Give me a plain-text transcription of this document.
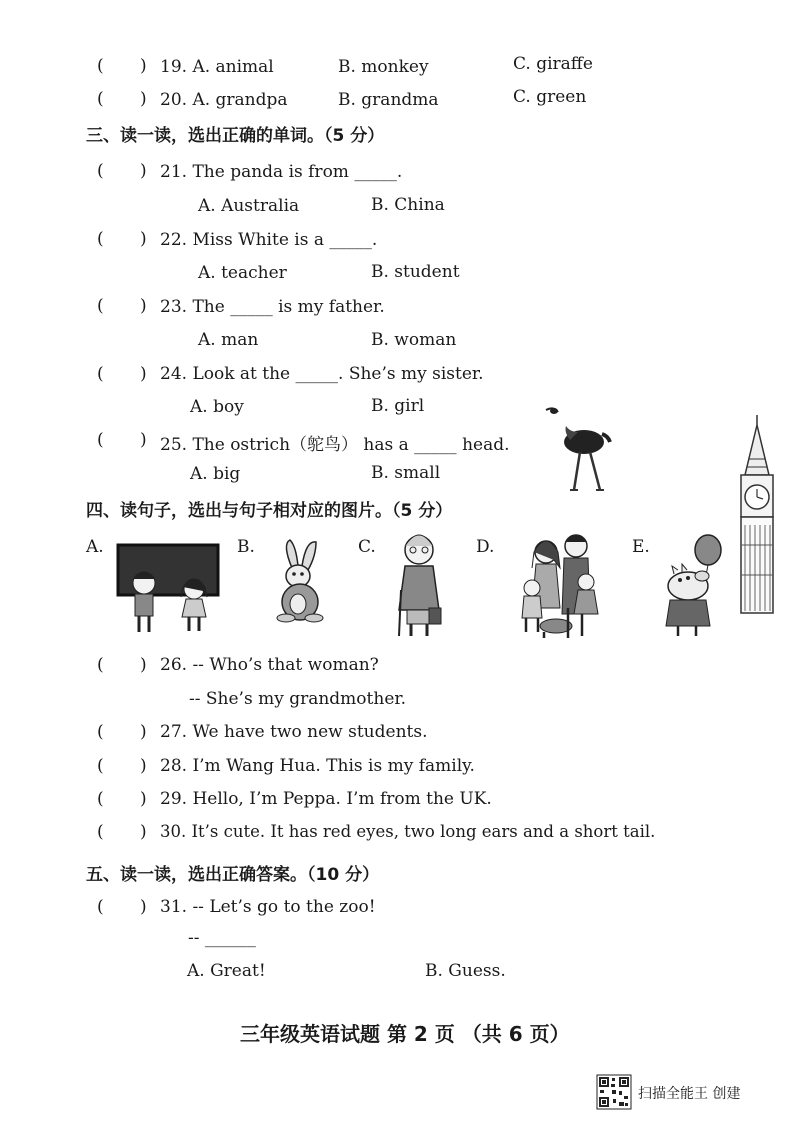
( ) 19. A. animal	B. monkey	C. giraffe
( ) 20. A. grandpa	B. grandma	C. green
三、读一读，选出正确的单词。（5 分）
( ) 21. The panda is from _____.
A. Australia	B. China
( ) 22. Miss White is a _____.
A. teacher	B. student
( ) 23. The _____ is my father.
A. man	B. woman
( ) 24. Look at the _____. She’s my sister.
A. boy	B. girl
( ) 25. The ostrich（鸵鸟） has a _____ head.
A. big	B. small
四、读句子，选出与句子相对应的图片。（5 分）
A.	B.	C.	D.	E.
( ) 26. -- Who’s that woman?
-- She’s my grandmother.
( ) 27. We have two new students.
( ) 28. I’m Wang Hua. This is my family.
( ) 29. Hello, I’m Peppa. I’m from the UK.
( ) 30. It’s cute. It has red eyes, two long ears and a short tail.
五、读一读，选出正确答案。（10 分）
( ) 31. -- Let’s go to the zoo!
-- ______
A. Great!	B. Guess.
三年级英语试题 第 2 页 （共 6 页）
扫描全能王 创建
